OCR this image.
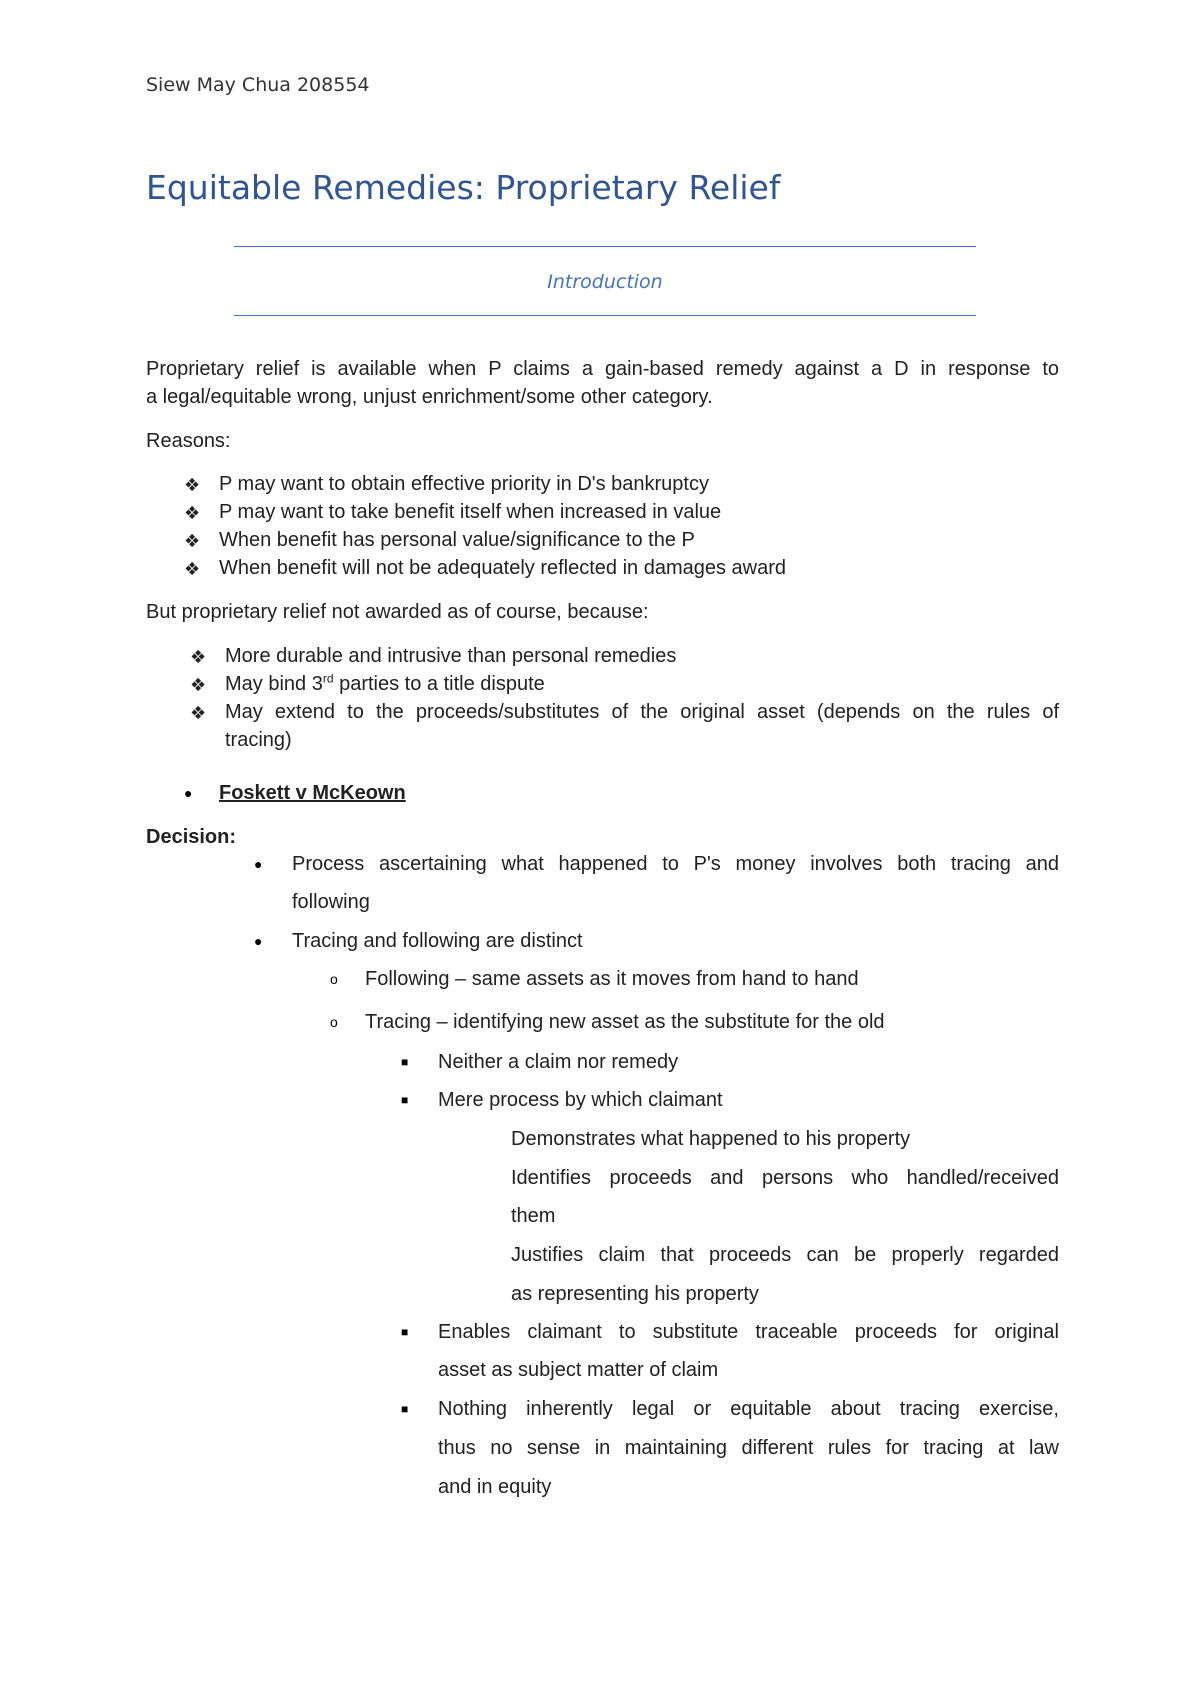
Siew May Chua 208554
Equitable Remedies: Proprietary Relief
Introduction
Proprietary relief is available when P claims a gain-based remedy against a D in response to
a legal/equitable wrong, unjust enrichment/some other category.
Reasons:
❖ P may want to obtain effective priority in D's bankruptcy
❖ P may want to take benefit itself when increased in value
❖ When benefit has personal value/significance to the P
❖ When benefit will not be adequately reflected in damages award
But proprietary relief not awarded as of course, because:
❖ More durable and intrusive than personal remedies
❖ May bind 3rd parties to a title dispute
❖ May extend to the proceeds/substitutes of the original asset (depends on the rules of
tracing)
● Foskett v McKeown
Decision:
● Process ascertaining what happened to P's money involves both tracing and
following
● Tracing and following are distinct
o Following – same assets as it moves from hand to hand
o Tracing – identifying new asset as the substitute for the old
■ Neither a claim nor remedy
■ Mere process by which claimant
Demonstrates what happened to his property
Identifies proceeds and persons who handled/received
them
Justifies claim that proceeds can be properly regarded
as representing his property
■ Enables claimant to substitute traceable proceeds for original
asset as subject matter of claim
■ Nothing inherently legal or equitable about tracing exercise,
thus no sense in maintaining different rules for tracing at law
and in equity
